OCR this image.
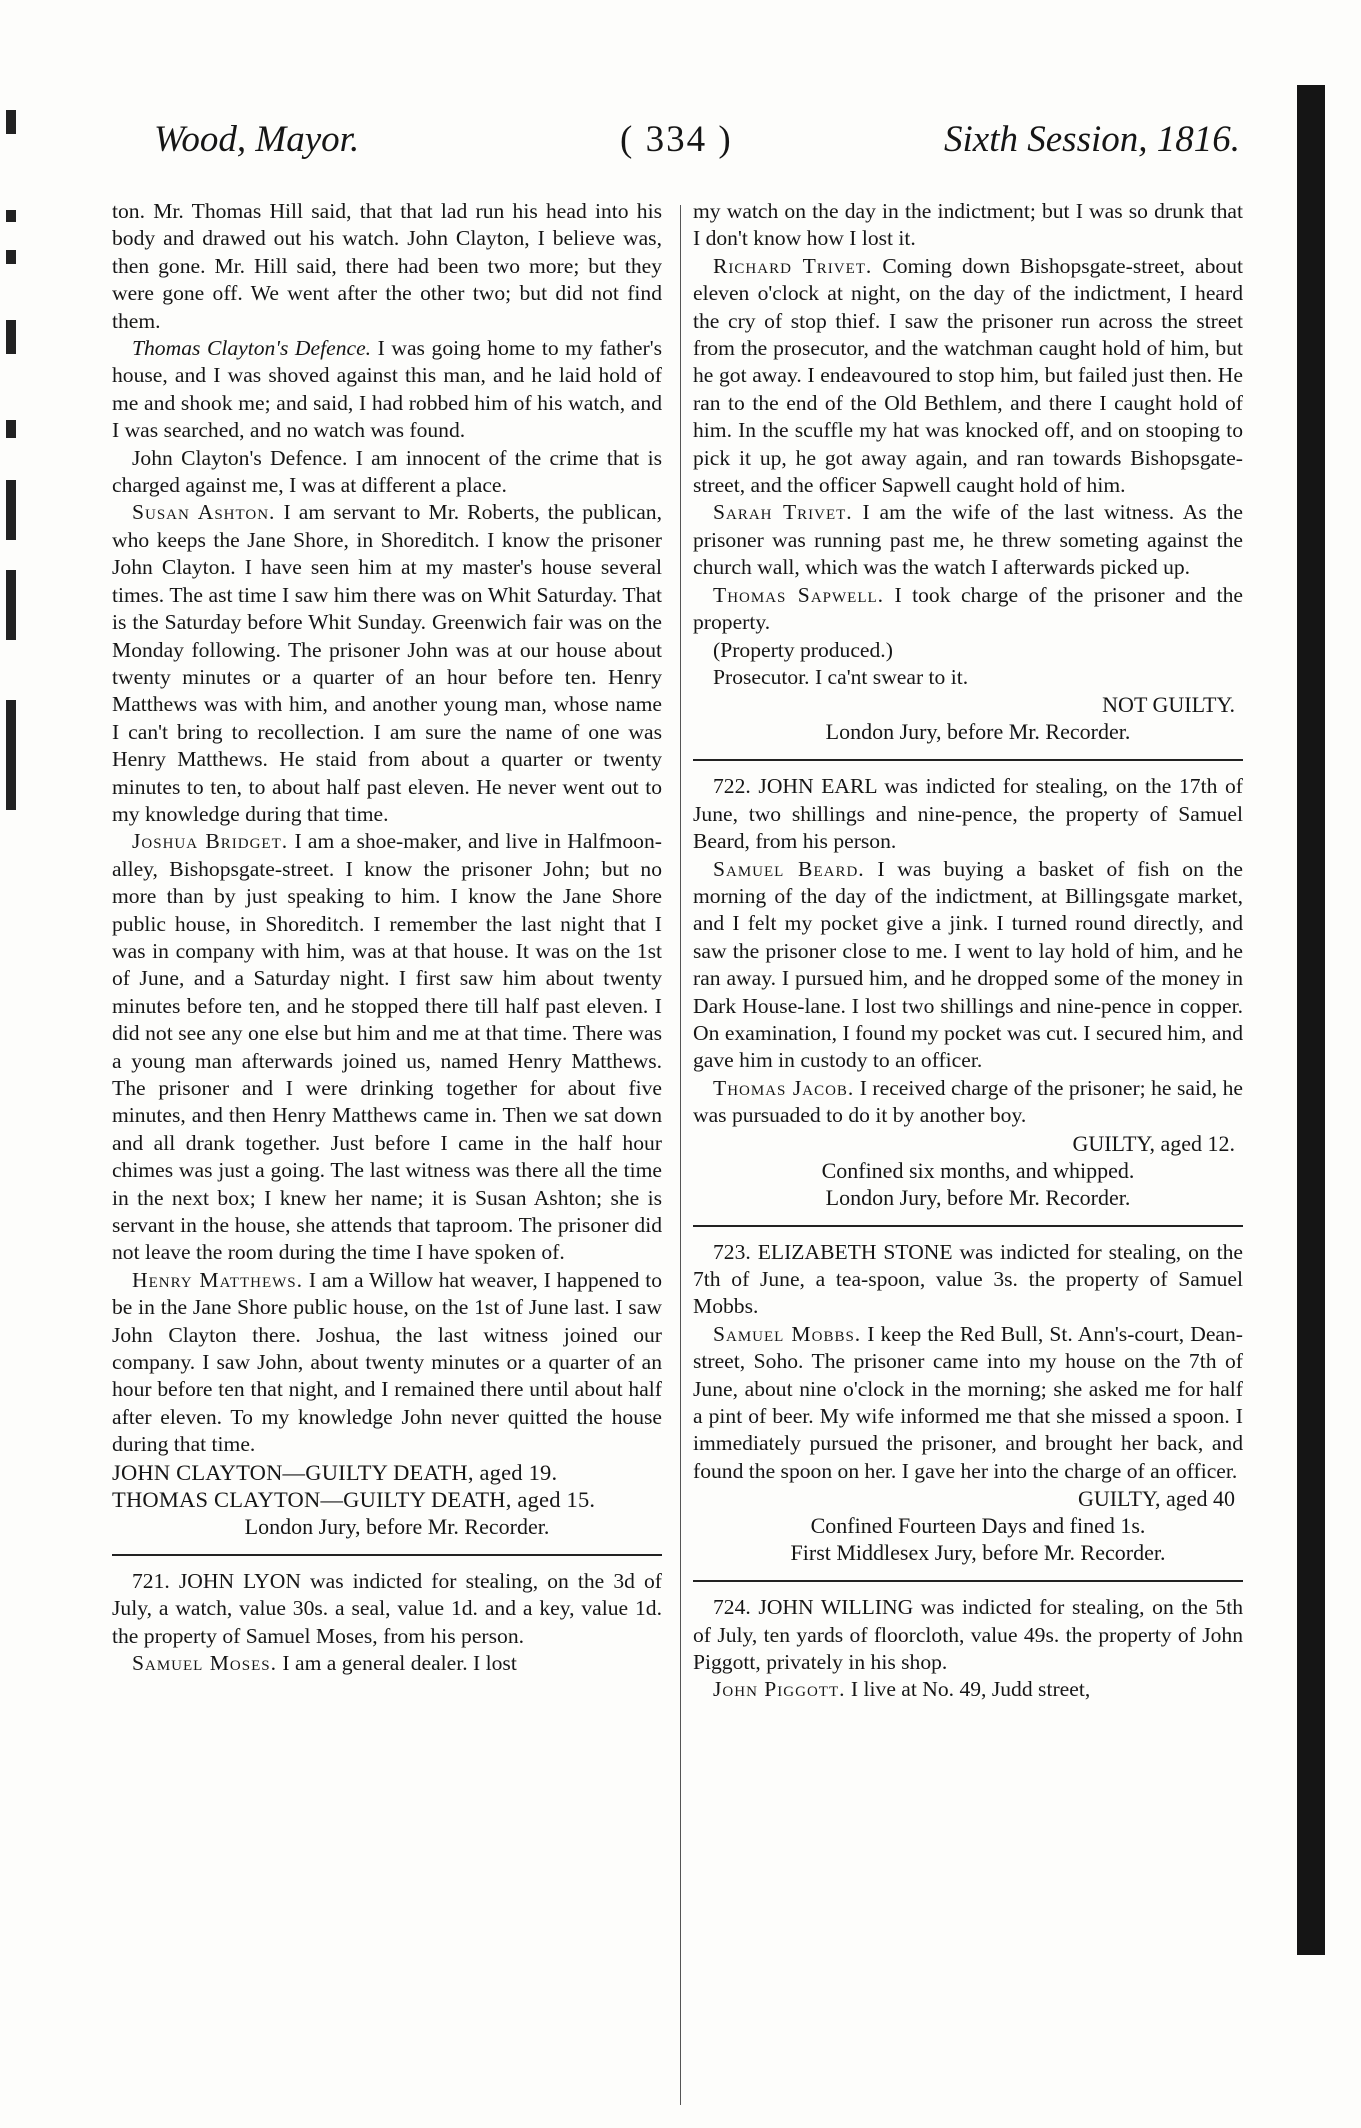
Wood, Mayor.	( 334 )	Sixth Session, 1816.

ton. Mr. Thomas Hill said, that that lad run his head into his body and drawed out his watch. John Clayton, I believe was, then gone. Mr. Hill said, there had been two more; but they were gone off. We went after the other two; but did not find them.

Thomas Clayton's Defence. I was going home to my father's house, and I was shoved against this man, and he laid hold of me and shook me; and said, I had robbed him of his watch, and I was searched, and no watch was found.

John Clayton's Defence. I am innocent of the crime that is charged against me, I was at different a place.

Susan Ashton. I am servant to Mr. Roberts, the publican, who keeps the Jane Shore, in Shoreditch. I know the prisoner John Clayton. I have seen him at my master's house several times. The ast time I saw him there was on Whit Saturday. That is the Saturday before Whit Sunday. Greenwich fair was on the Monday following. The prisoner John was at our house about twenty minutes or a quarter of an hour before ten. Henry Matthews was with him, and another young man, whose name I can't bring to recollection. I am sure the name of one was Henry Matthews. He staid from about a quarter or twenty minutes to ten, to about half past eleven. He never went out to my knowledge during that time.

Joshua Bridget. I am a shoe-maker, and live in Halfmoon-alley, Bishopsgate-street. I know the prisoner John; but no more than by just speaking to him. I know the Jane Shore public house, in Shoreditch. I remember the last night that I was in company with him, was at that house. It was on the 1st of June, and a Saturday night. I first saw him about twenty minutes before ten, and he stopped there till half past eleven. I did not see any one else but him and me at that time. There was a young man afterwards joined us, named Henry Matthews. The prisoner and I were drinking together for about five minutes, and then Henry Matthews came in. Then we sat down and all drank together. Just before I came in the half hour chimes was just a going. The last witness was there all the time in the next box; I knew her name; it is Susan Ashton; she is servant in the house, she attends that taproom. The prisoner did not leave the room during the time I have spoken of.

Henry Matthews. I am a Willow hat weaver, I happened to be in the Jane Shore public house, on the 1st of June last. I saw John Clayton there. Joshua, the last witness joined our company. I saw John, about twenty minutes or a quarter of an hour before ten that night, and I remained there until about half after eleven. To my knowledge John never quitted the house during that time.

JOHN CLAYTON—GUILTY DEATH, aged 19.

THOMAS CLAYTON—GUILTY DEATH, aged 15.

London Jury, before Mr. Recorder.

721. JOHN LYON was indicted for stealing, on the 3d of July, a watch, value 30s. a seal, value 1d. and a key, value 1d. the property of Samuel Moses, from his person.

Samuel Moses. I am a general dealer. I lost

my watch on the day in the indictment; but I was so drunk that I don't know how I lost it.

Richard Trivet. Coming down Bishopsgate-street, about eleven o'clock at night, on the day of the indictment, I heard the cry of stop thief. I saw the prisoner run across the street from the prosecutor, and the watchman caught hold of him, but he got away. I endeavoured to stop him, but failed just then. He ran to the end of the Old Bethlem, and there I caught hold of him. In the scuffle my hat was knocked off, and on stooping to pick it up, he got away again, and ran towards Bishopsgate-street, and the officer Sapwell caught hold of him.

Sarah Trivet. I am the wife of the last witness. As the prisoner was running past me, he threw someting against the church wall, which was the watch I afterwards picked up.

Thomas Sapwell. I took charge of the prisoner and the property.

(Property produced.)

Prosecutor. I ca'nt swear to it.

NOT GUILTY.

London Jury, before Mr. Recorder.

722. JOHN EARL was indicted for stealing, on the 17th of June, two shillings and nine-pence, the property of Samuel Beard, from his person.

Samuel Beard. I was buying a basket of fish on the morning of the day of the indictment, at Billingsgate market, and I felt my pocket give a jink. I turned round directly, and saw the prisoner close to me. I went to lay hold of him, and he ran away. I pursued him, and he dropped some of the money in Dark House-lane. I lost two shillings and nine-pence in copper. On examination, I found my pocket was cut. I secured him, and gave him in custody to an officer.

Thomas Jacob. I received charge of the prisoner; he said, he was pursuaded to do it by another boy.

GUILTY, aged 12.

Confined six months, and whipped.

London Jury, before Mr. Recorder.

723. ELIZABETH STONE was indicted for stealing, on the 7th of June, a tea-spoon, value 3s. the property of Samuel Mobbs.

Samuel Mobbs. I keep the Red Bull, St. Ann's-court, Dean-street, Soho. The prisoner came into my house on the 7th of June, about nine o'clock in the morning; she asked me for half a pint of beer. My wife informed me that she missed a spoon. I immediately pursued the prisoner, and brought her back, and found the spoon on her. I gave her into the charge of an officer.

GUILTY, aged 40

Confined Fourteen Days and fined 1s.

First Middlesex Jury, before Mr. Recorder.

724. JOHN WILLING was indicted for stealing, on the 5th of July, ten yards of floorcloth, value 49s. the property of John Piggott, privately in his shop.

John Piggott. I live at No. 49, Judd street,
